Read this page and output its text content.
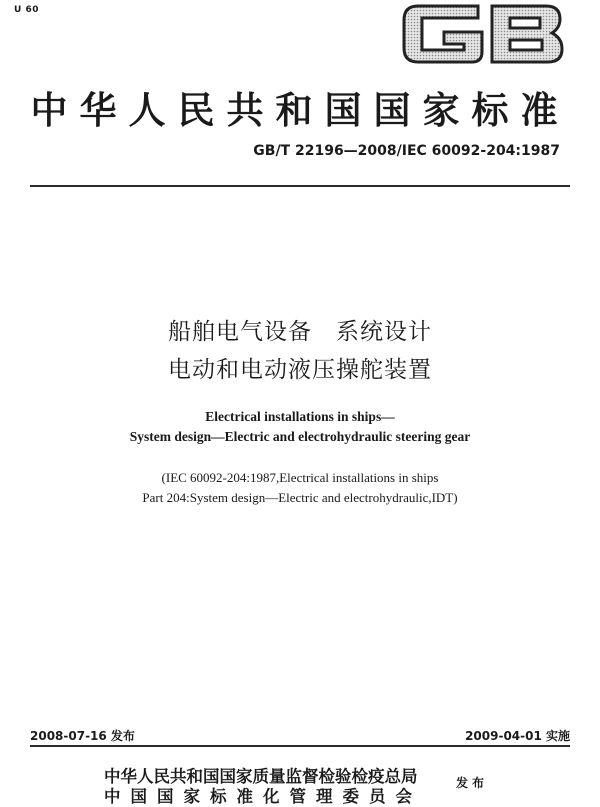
U 60
中华人民共和国国家标准
GB/T 22196—2008/IEC 60092-204:1987
船舶电气设备　系统设计
电动和电动液压操舵装置
Electrical installations in ships—
System design—Electric and electrohydraulic steering gear
(IEC 60092-204:1987,Electrical installations in ships
Part 204:System design—Electric and electrohydraulic,IDT)
2008-07-16 发布	2009-04-01 实施
中华人民共和国国家质量监督检验检疫总局
中国国家标准化管理委员会
发布
